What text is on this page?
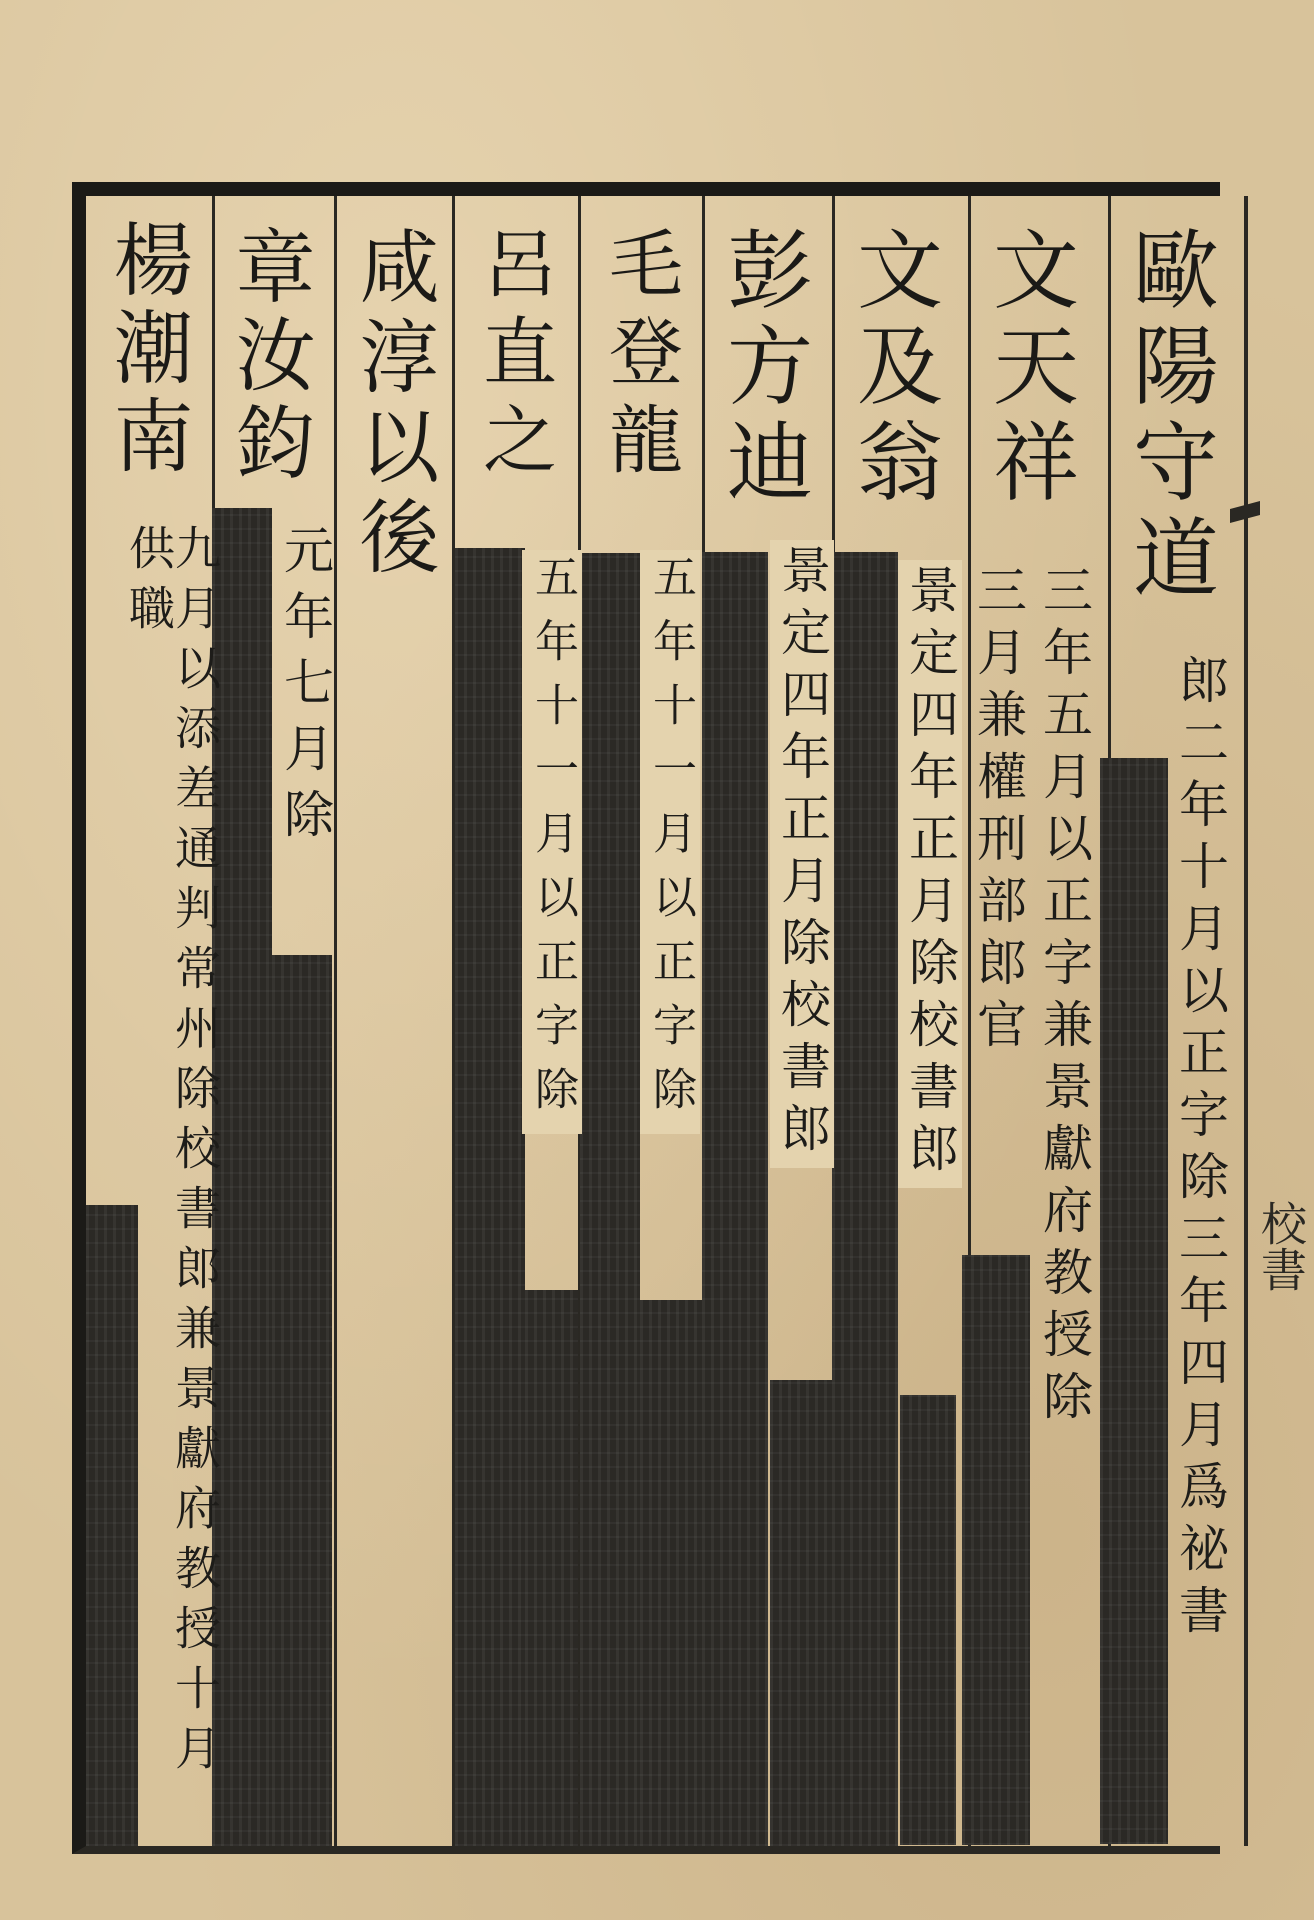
歐陽守道
郎二年十月以正字除三年四月爲祕書
文天祥
三年五月以正字兼景獻府教授除
三月兼權刑部郎官
文及翁
景定四年正月除校書郎
彭方迪
景定四年正月除校書郎
毛登龍
五年十一月以正字除
呂直之
五年十一月以正字除
咸淳以後
章汝鈞
元年七月除
楊潮南
九月以添差通判常州除校書郎兼景獻府教授十月供職
校書
